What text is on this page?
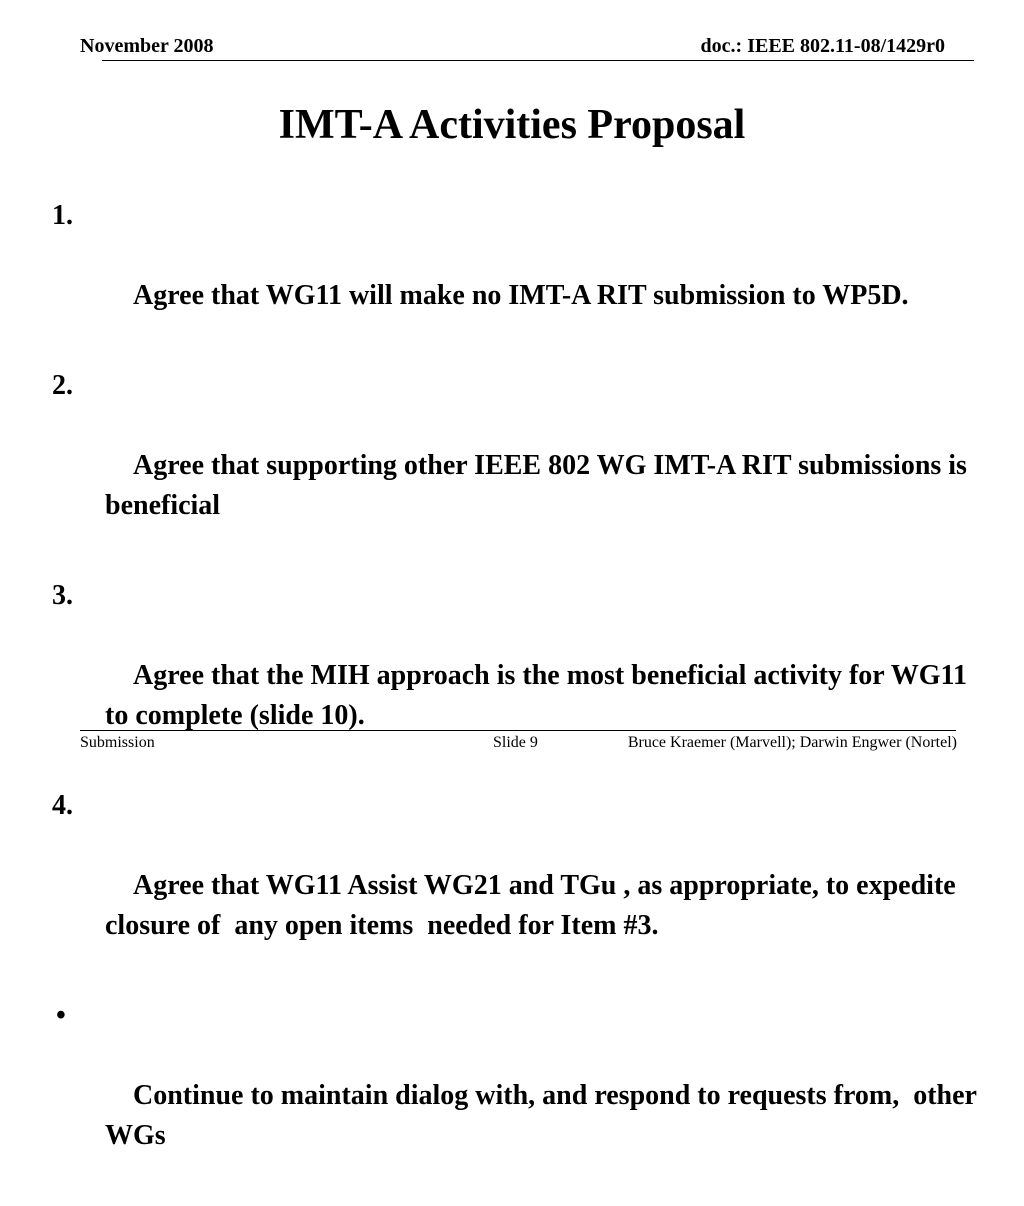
November 2008	doc.: IEEE 802.11-08/1429r0
IMT-A Activities Proposal

1.

Agree that WG11 will make no IMT-A RIT submission to WP5D.

2.

Agree that supporting other IEEE 802 WG IMT-A RIT submissions is beneficial

3.

Agree that the MIH approach is the most beneficial activity for WG11 to complete (slide 10).

4.

Agree that WG11 Assist WG21 and TGu , as appropriate, to expedite closure of  any open items  needed for Item #3.

•

Continue to maintain dialog with, and respond to requests from,  other WGs

Submission	Slide 9	Bruce Kraemer (Marvell); Darwin Engwer (Nortel)
